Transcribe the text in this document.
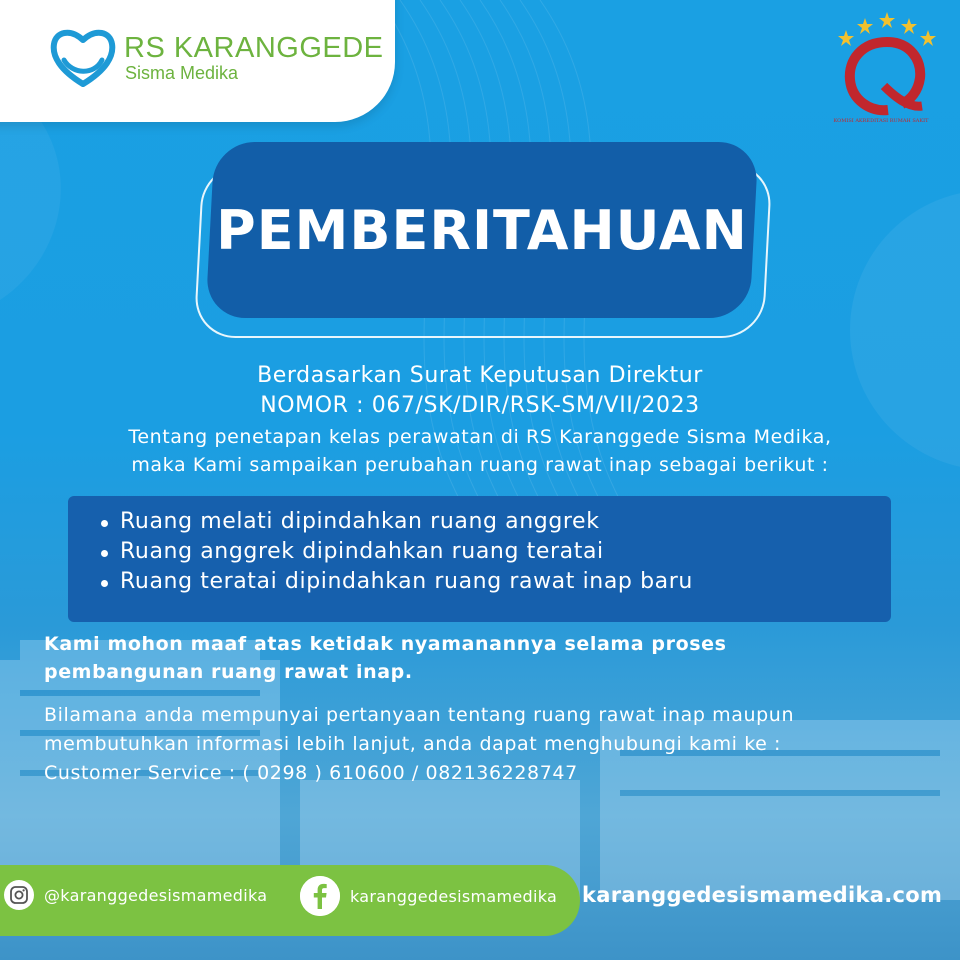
RS KARANGGEDE
Sisma Medika
KOMISI AKREDITASI RUMAH SAKIT
PEMBERITAHUAN
Berdasarkan Surat Keputusan Direktur
NOMOR : 067/SK/DIR/RSK-SM/VII/2023
Tentang penetapan kelas perawatan di RS Karanggede Sisma Medika,
maka Kami sampaikan perubahan ruang rawat inap sebagai berikut :
Ruang melati dipindahkan ruang anggrek
Ruang anggrek dipindahkan ruang teratai
Ruang teratai dipindahkan ruang rawat inap baru
Kami mohon maaf atas ketidak nyamanannya selama proses
pembangunan ruang rawat inap.
Bilamana anda mempunyai pertanyaan tentang ruang rawat inap maupun
membutuhkan informasi lebih lanjut, anda dapat menghubungi kami ke :
Customer Service : ( 0298 ) 610600 / 082136228747
@karanggedesismamedika	karanggedesismamedika karanggedesismamedika.com
